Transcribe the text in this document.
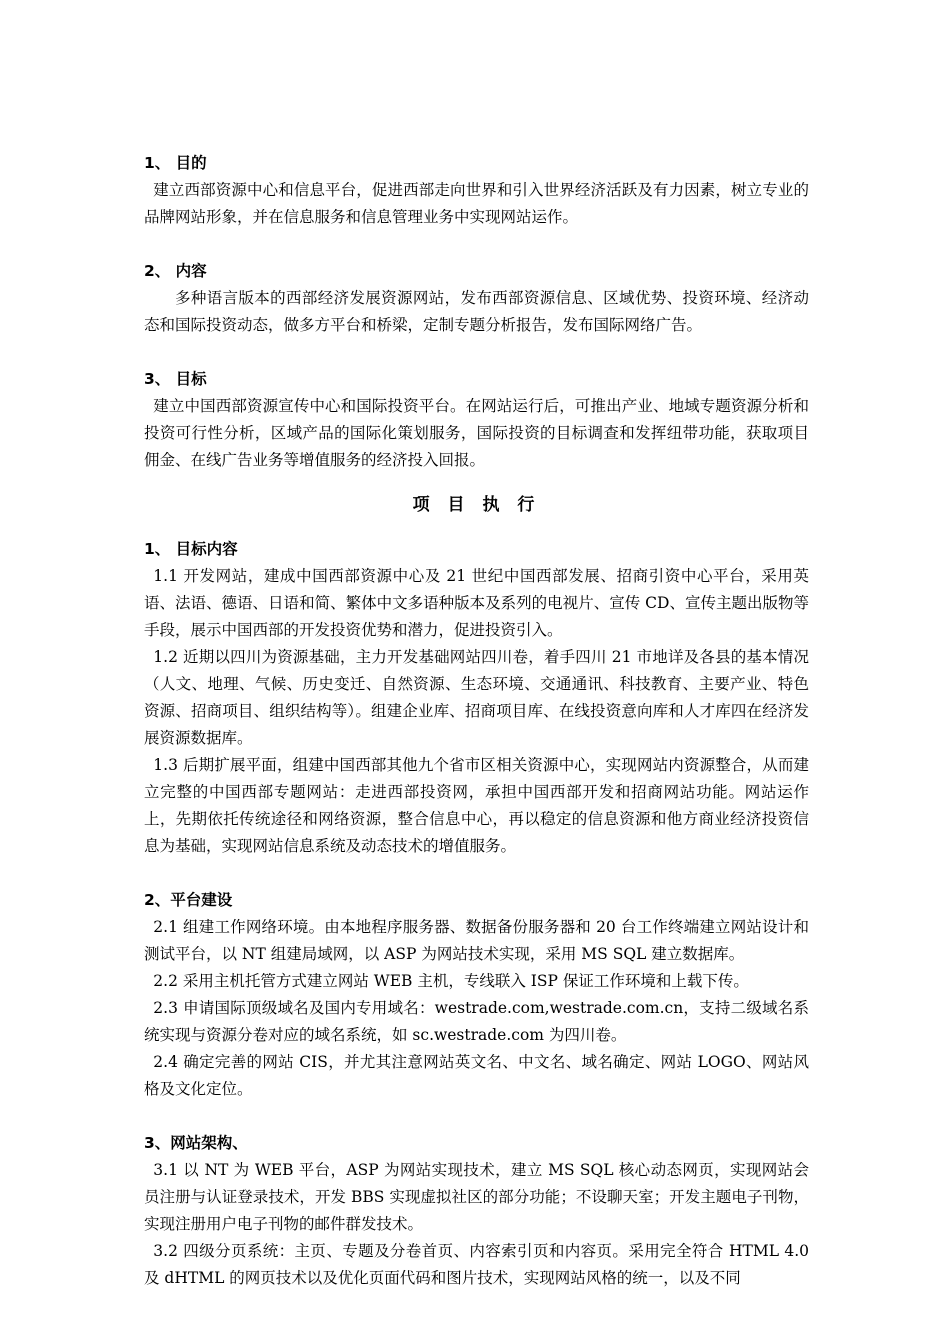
1、 目的

建立西部资源中心和信息平台，促进西部走向世界和引入世界经济活跃及有力因素，树立专业的品牌网站形象，并在信息服务和信息管理业务中实现网站运作。

2、 内容

多种语言版本的西部经济发展资源网站，发布西部资源信息、区域优势、投资环境、经济动态和国际投资动态，做多方平台和桥梁，定制专题分析报告，发布国际网络广告。

3、 目标

建立中国西部资源宣传中心和国际投资平台。在网站运行后，可推出产业、地域专题资源分析和投资可行性分析，区域产品的国际化策划服务，国际投资的目标调查和发挥纽带功能，获取项目佣金、在线广告业务等增值服务的经济投入回报。

项 目 执 行

1、 目标内容

1.1 开发网站，建成中国西部资源中心及 21 世纪中国西部发展、招商引资中心平台，采用英语、法语、德语、日语和简、繁体中文多语种版本及系列的电视片、宣传 CD、宣传主题出版物等手段，展示中国西部的开发投资优势和潜力，促进投资引入。

1.2 近期以四川为资源基础，主力开发基础网站四川卷，着手四川 21 市地详及各县的基本情况（人文、地理、气候、历史变迁、自然资源、生态环境、交通通讯、科技教育、主要产业、特色资源、招商项目、组织结构等）。组建企业库、招商项目库、在线投资意向库和人才库四在经济发展资源数据库。

1.3 后期扩展平面，组建中国西部其他九个省市区相关资源中心，实现网站内资源整合，从而建立完整的中国西部专题网站：走进西部投资网，承担中国西部开发和招商网站功能。网站运作上，先期依托传统途径和网络资源，整合信息中心，再以稳定的信息资源和他方商业经济投资信息为基础，实现网站信息系统及动态技术的增值服务。

2、平台建设

2.1 组建工作网络环境。由本地程序服务器、数据备份服务器和 20 台工作终端建立网站设计和测试平台，以 NT 组建局域网，以 ASP 为网站技术实现，采用 MS SQL 建立数据库。

2.2 采用主机托管方式建立网站 WEB 主机，专线联入 ISP 保证工作环境和上载下传。

2.3 申请国际顶级域名及国内专用域名：westrade.com,westrade.com.cn，支持二级域名系统实现与资源分卷对应的域名系统，如 sc.westrade.com 为四川卷。

2.4 确定完善的网站 CIS，并尤其注意网站英文名、中文名、域名确定、网站 LOGO、网站风格及文化定位。

3、网站架构、

3.1 以 NT 为 WEB 平台，ASP 为网站实现技术，建立 MS SQL 核心动态网页，实现网站会员注册与认证登录技术，开发 BBS 实现虚拟社区的部分功能；不设聊天室；开发主题电子刊物，实现注册用户电子刊物的邮件群发技术。

3.2 四级分页系统：主页、专题及分卷首页、内容索引页和内容页。采用完全符合 HTML 4.0 及 dHTML 的网页技术以及优化页面代码和图片技术，实现网站风格的统一，以及不同
